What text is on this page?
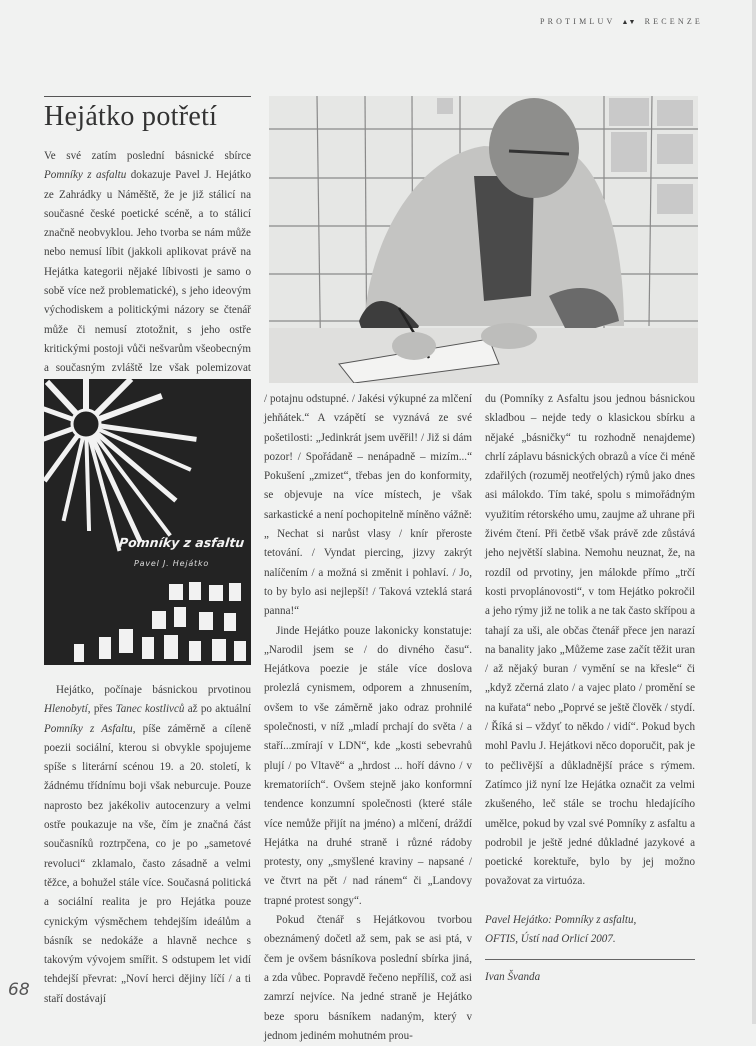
PROTIMLUV ▲▼ RECENZE
Hejátko potřetí

Ve své zatím poslední básnické sbírce Pomníky z asfaltu dokazuje Pavel J. Hejátko ze Zahrádky u Náměště, že je již stálicí na současné české poetické scéně, a to stálicí značně neobvyklou. Jeho tvorba se nám může nebo nemusí líbit (jakkoli aplikovat právě na Hejátka kategorii nějaké líbivosti je samo o sobě více než problematické), s jeho ideovým východiskem a politickými názory se čtenář může či nemusí ztotožnit, s jeho ostře kritickými postoji vůči nešvarům všeobecným a současným zvláště lze však polemizovat

Pomníky z asfaltu
Pavel J. Hejátko

Hejátko, počínaje básnickou prvotinou Hlenobytí, přes Tanec kostlivců až po aktuální Pomníky z Asfaltu, píše záměrně a cíleně poezii sociální, kterou si obvykle spojujeme spíše s literární scénou 19. a 20. století, k žádnému třídnímu boji však neburcuje. Pouze naprosto bez jakékoliv autocenzury a velmi ostře poukazuje na vše, čím je značná část současníků roztrpčena, co je po „sametové revoluci“ zklamalo, často zásadně a velmi těžce, a bohužel stále více. Současná politická a sociální realita je pro Hejátka pouze cynickým výsměchem tehdejším ideálům a básník se nedokáže a hlavně nechce s takovým vývojem smířit. S odstupem let vidí tehdejší převrat: „Noví herci dějiny líčí / a ti staří dostávají

/ potajnu odstupné. / Jakési výkupné za mlčení jehňátek.“ A vzápětí se vyznává ze své pošetilosti: „Jedinkrát jsem uvěřil! / Již si dám pozor! / Spořádaně – nenápadně – mizím...“ Pokušení „zmizet“, třebas jen do konformity, se objevuje na více místech, je však sarkastické a není pochopitelně míněno vážně: „ Nechat si narůst vlasy / knír přeroste tetování. / Vyndat piercing, jizvy zakrýt nalíčením / a možná si změnit i pohlaví. / Jo, to by bylo asi nejlepší! / Taková vzteklá stará panna!“

Jinde Hejátko pouze lakonicky konstatuje: „Narodil jsem se / do divného času“. Hejátkova poezie je stále více doslova prolezlá cynismem, odporem a zhnusením, ovšem to vše záměrně jako odraz prohnilé společnosti, v níž „mladí prchají do světa / a staří...zmírají v LDN“, kde „kosti sebevrahů plují / po Vltavě“ a „hrdost ... hoří dávno / v krematoriích“. Ovšem stejně jako konformní tendence konzumní společnosti (které stále více nemůže přijít na jméno) a mlčení, dráždí Hejátka na druhé straně i různé rádoby protesty, ony „smyšlené kraviny – napsané / ve čtvrt na pět / nad ránem“ či „Landovy trapné protest songy“.

Pokud čtenář s Hejátkovou tvorbou obeznámený dočetl až sem, pak se asi ptá, v čem je ovšem básníkova poslední sbírka jiná, a zda vůbec. Popravdě řečeno nepříliš, což asi zamrzí nejvíce. Na jedné straně je Hejátko beze sporu básníkem nadaným, který v jednom jediném mohutném prou-

du (Pomníky z Asfaltu jsou jednou básnickou skladbou – nejde tedy o klasickou sbírku a nějaké „básničky“ tu rozhodně nenajdeme) chrlí záplavu básnických obrazů a více či méně zdařilých (rozuměj neotřelých) rýmů jako dnes asi málokdo. Tím také, spolu s mimořádným využitím rétorského umu, zaujme až uhrane při živém čtení. Při četbě však právě zde zůstává jeho největší slabina. Nemohu neuznat, že, na rozdíl od prvotiny, jen málokde přímo „trčí kosti prvoplánovosti“, v tom Hejátko pokročil a jeho rýmy již ne tolik a ne tak často skřípou a tahají za uši, ale občas čtenář přece jen narazí na banality jako „Můžeme zase začít těžit uran / až nějaký buran / vymění se na křesle“ či „když zčerná zlato / a vajec plato / promění se na kuřata“ nebo „Poprvé se ještě člověk / stydí. / Říká si – vždyť to někdo / vidí“. Pokud bych mohl Pavlu J. Hejátkovi něco doporučit, pak je to pečlivější a důkladnější práce s rýmem. Zatímco již nyní lze Hejátka označit za velmi zkušeného, leč stále se trochu hledajícího umělce, pokud by vzal své Pomníky z asfaltu a podrobil je ještě jedné důkladné jazykové a poetické korektuře, bylo by jej možno považovat za virtuóza.

Pavel Hejátko: Pomníky z asfaltu,
OFTIS, Ústí nad Orlicí 2007.

Ivan Švanda

68
